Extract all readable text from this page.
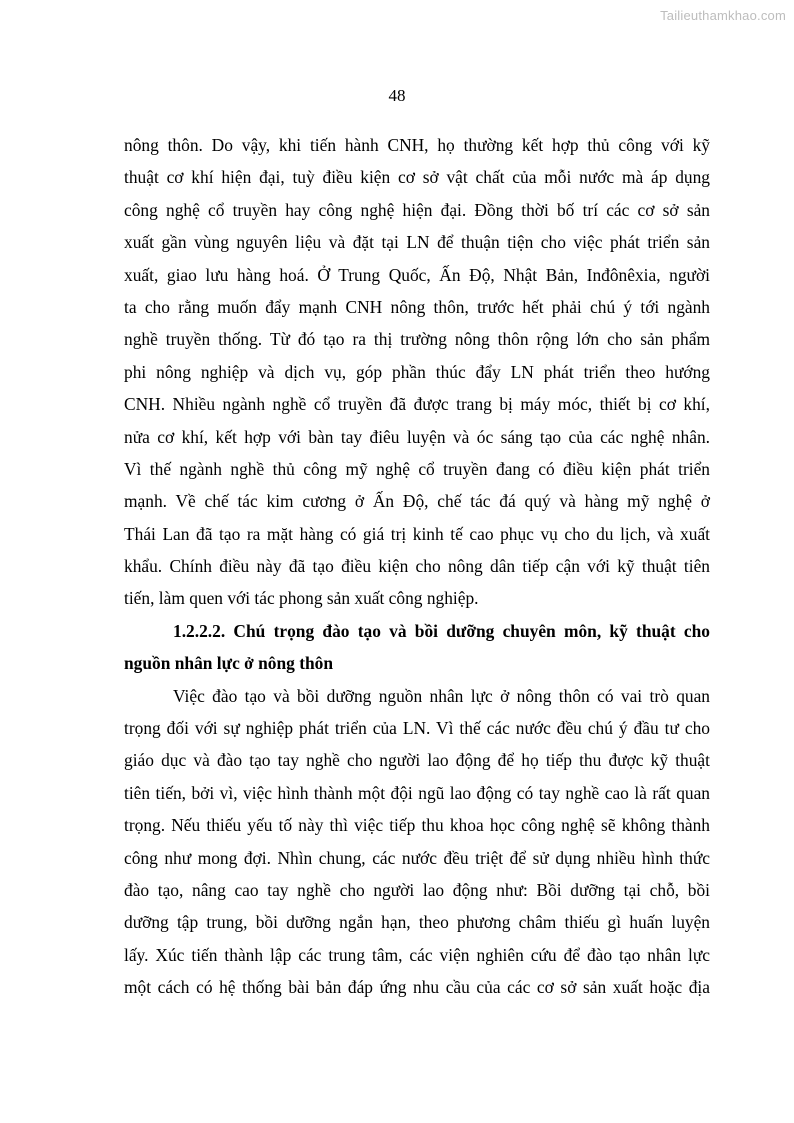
Tailieuthamkhao.com
48
nông thôn. Do vậy, khi tiến hành CNH, họ thường kết hợp thủ công với kỹ
thuật cơ khí hiện đại, tuỳ điều kiện cơ sở vật chất của mỗi nước mà áp dụng
công nghệ cổ truyền hay công nghệ hiện đại. Đồng thời bố trí các cơ sở sản
xuất gần vùng nguyên liệu và đặt tại LN để thuận tiện cho việc phát triển sản
xuất, giao lưu hàng hoá. Ở Trung Quốc, Ấn Độ, Nhật Bản, Inđônêxia, người
ta cho rằng muốn đẩy mạnh CNH nông thôn, trước hết phải chú ý tới ngành
nghề truyền thống. Từ đó tạo ra thị trường nông thôn rộng lớn cho sản phẩm
phi nông nghiệp và dịch vụ, góp phần thúc đẩy LN phát triển theo hướng
CNH. Nhiều ngành nghề cổ truyền đã được trang bị máy móc, thiết bị cơ khí,
nửa cơ khí, kết hợp với bàn tay điêu luyện và óc sáng tạo của các nghệ nhân.
Vì thế ngành nghề thủ công mỹ nghệ cổ truyền đang có điều kiện phát triển
mạnh. Về chế tác kim cương ở Ấn Độ, chế tác đá quý và hàng mỹ nghệ ở
Thái Lan đã tạo ra mặt hàng có giá trị kinh tế cao phục vụ cho du lịch, và xuất
khẩu. Chính điều này đã tạo điều kiện cho nông dân tiếp cận với kỹ thuật tiên
tiến, làm quen với tác phong sản xuất công nghiệp.
1.2.2.2. Chú trọng đào tạo và bồi dưỡng chuyên môn, kỹ thuật cho
nguồn nhân lực ở nông thôn
Việc đào tạo và bồi dưỡng nguồn nhân lực ở nông thôn có vai trò quan
trọng đối với sự nghiệp phát triển của LN. Vì thế các nước đều chú ý đầu tư cho
giáo dục và đào tạo tay nghề cho người lao động để họ tiếp thu được kỹ thuật
tiên tiến, bởi vì, việc hình thành một đội ngũ lao động có tay nghề cao là rất quan
trọng. Nếu thiếu yếu tố này thì việc tiếp thu khoa học công nghệ sẽ không thành
công như mong đợi. Nhìn chung, các nước đều triệt để sử dụng nhiều hình thức
đào tạo, nâng cao tay nghề cho người lao động như: Bồi dưỡng tại chỗ, bồi
dưỡng tập trung, bồi dưỡng ngắn hạn, theo phương châm thiếu gì huấn luyện
lấy. Xúc tiến thành lập các trung tâm, các viện nghiên cứu để đào tạo nhân lực
một cách có hệ thống bài bản đáp ứng nhu cầu của các cơ sở sản xuất hoặc địa
